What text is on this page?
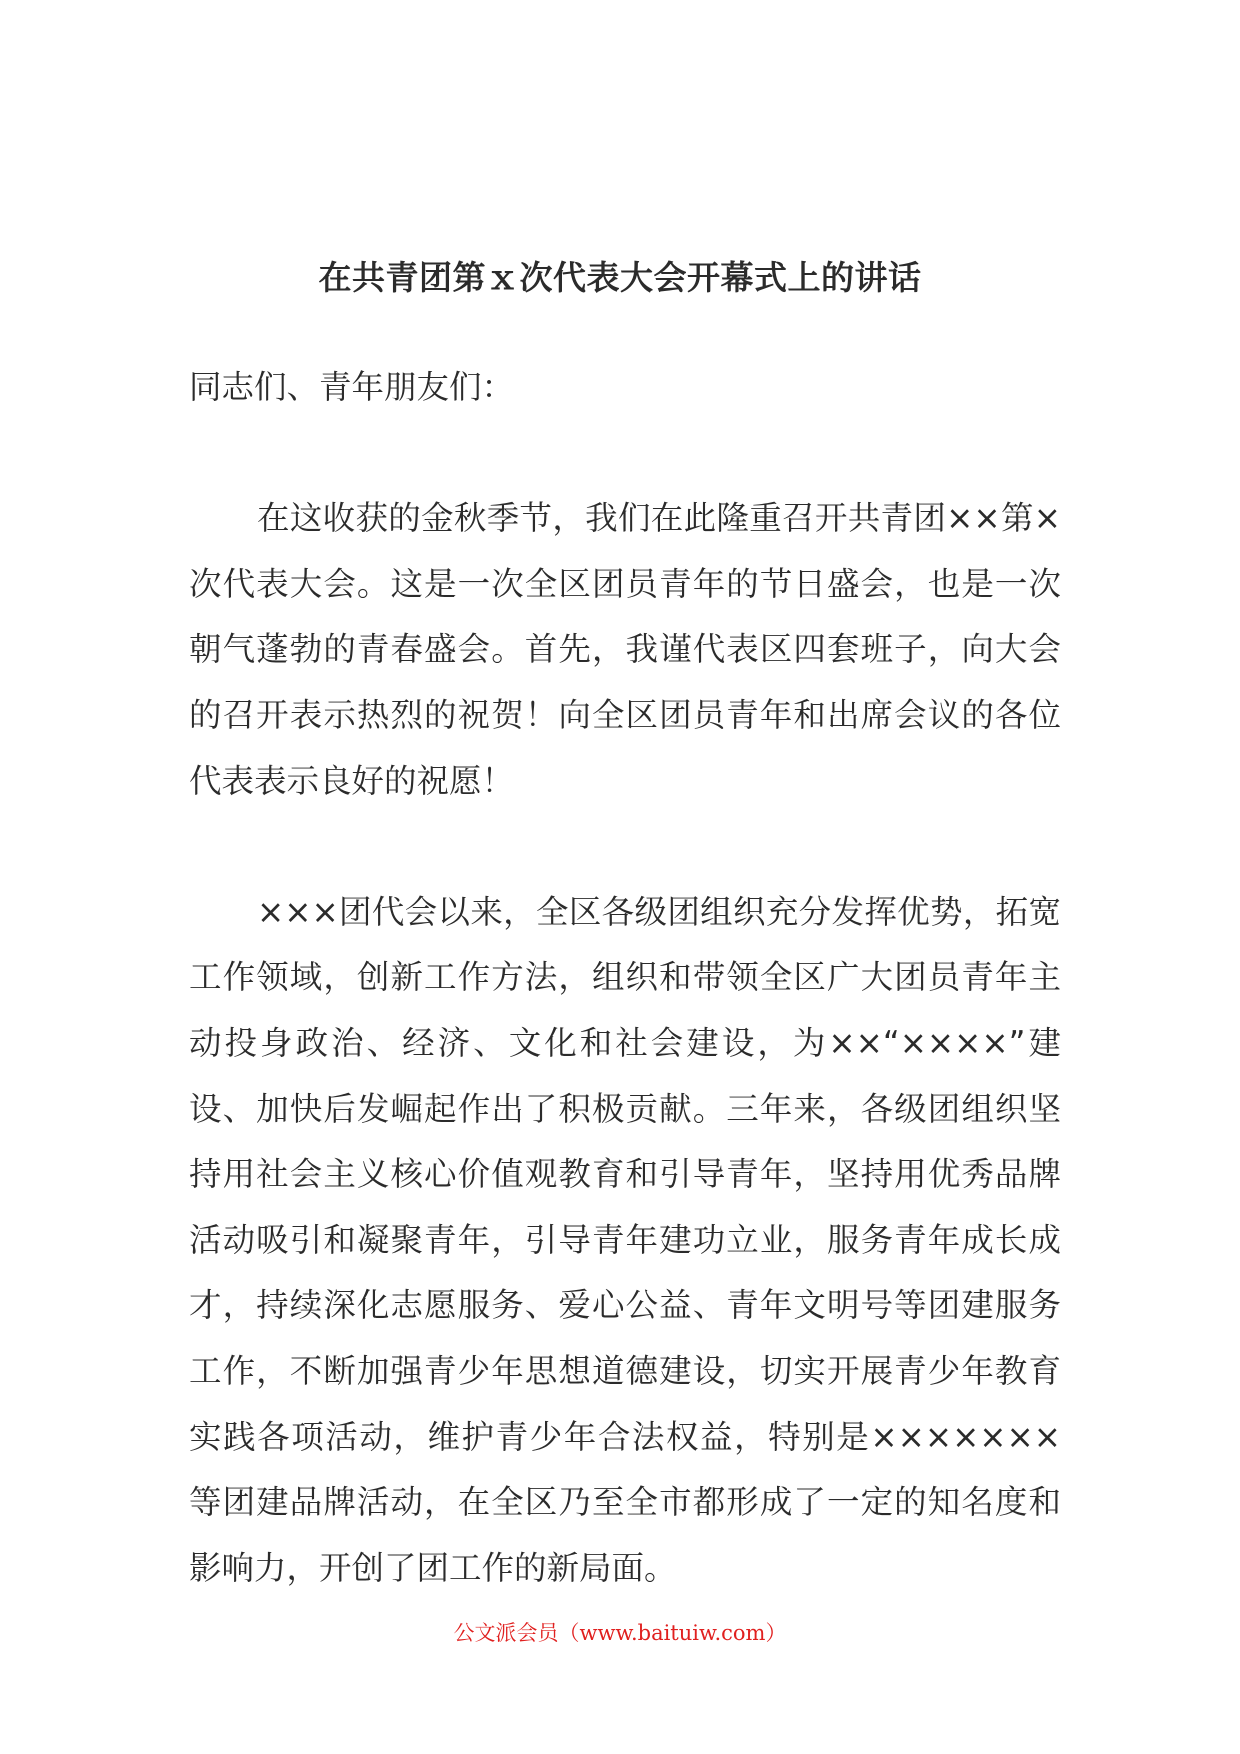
在共青团第ｘ次代表大会开幕式上的讲话

同志们、青年朋友们：

在这收获的金秋季节，我们在此隆重召开共青团××第×次代表大会。这是一次全区团员青年的节日盛会，也是一次朝气蓬勃的青春盛会。首先，我谨代表区四套班子，向大会的召开表示热烈的祝贺！向全区团员青年和出席会议的各位代表表示良好的祝愿！

×××团代会以来，全区各级团组织充分发挥优势，拓宽工作领域，创新工作方法，组织和带领全区广大团员青年主动投身政治、经济、文化和社会建设，为××“××××”建设、加快后发崛起作出了积极贡献。三年来，各级团组织坚持用社会主义核心价值观教育和引导青年，坚持用优秀品牌活动吸引和凝聚青年，引导青年建功立业，服务青年成长成才，持续深化志愿服务、爱心公益、青年文明号等团建服务工作，不断加强青少年思想道德建设，切实开展青少年教育实践各项活动，维护青少年合法权益，特别是×××××××等团建品牌活动，在全区乃至全市都形成了一定的知名度和影响力，开创了团工作的新局面。

公文派会员（www.baituiw.com）
